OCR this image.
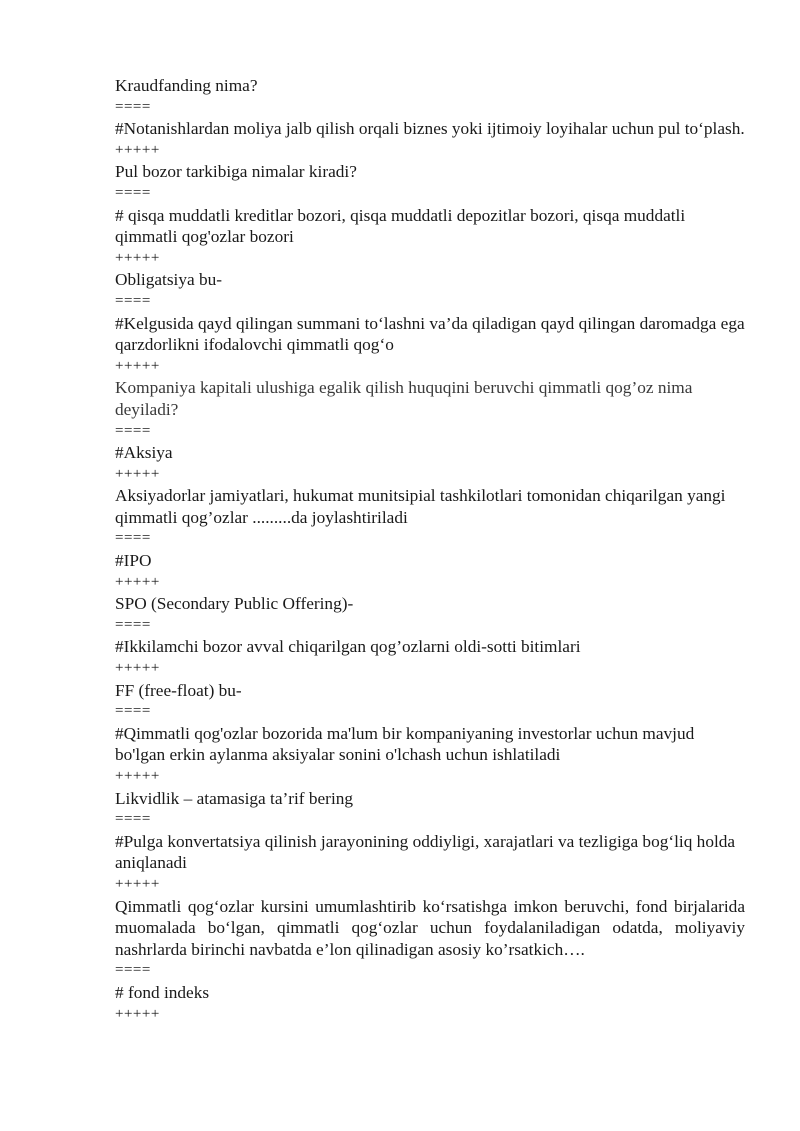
Kraudfanding nima?

====

#Notanishlardan moliya jalb qilish orqali biznes yoki ijtimoiy loyihalar uchun pul to‘plash.

+++++

Pul bozor tarkibiga nimalar kiradi?

====

# qisqa muddatli kreditlar bozori, qisqa muddatli depozitlar bozori, qisqa muddatli qimmatli qog'ozlar bozori

+++++

Obligatsiya bu-

====

#Kelgusida qayd qilingan summani to‘lashni va’da qiladigan qayd qilingan daromadga ega qarzdorlikni ifodalovchi qimmatli qog‘o

+++++

Kompaniya kapitali ulushiga egalik qilish huquqini beruvchi qimmatli qog’oz nima deyiladi?

====

#Aksiya

+++++

Aksiyadorlar jamiyatlari, hukumat munitsipial tashkilotlari tomonidan chiqarilgan yangi qimmatli qog’ozlar .........da joylashtiriladi

====

#IPO

+++++

SPO (Secondary Public Offering)-

====

#Ikkilamchi bozor avval chiqarilgan qog’ozlarni oldi-sotti bitimlari

+++++

FF (free-float) bu-

====

#Qimmatli qog'ozlar bozorida ma'lum bir kompaniyaning investorlar uchun mavjud bo'lgan erkin aylanma aksiyalar sonini o'lchash uchun ishlatiladi

+++++

Likvidlik – atamasiga ta’rif bering

====

#Pulga konvertatsiya qilinish jarayonining oddiyligi, xarajatlari va tezligiga bog‘liq holda aniqlanadi

+++++

Qimmatli qog‘ozlar kursini umumlashtirib ko‘rsatishga imkon beruvchi, fond birjalarida muomalada bo‘lgan, qimmatli qog‘ozlar uchun foydalaniladigan odatda, moliyaviy nashrlarda birinchi navbatda e’lon qilinadigan asosiy ko’rsatkich….

====

# fond indeks

+++++
